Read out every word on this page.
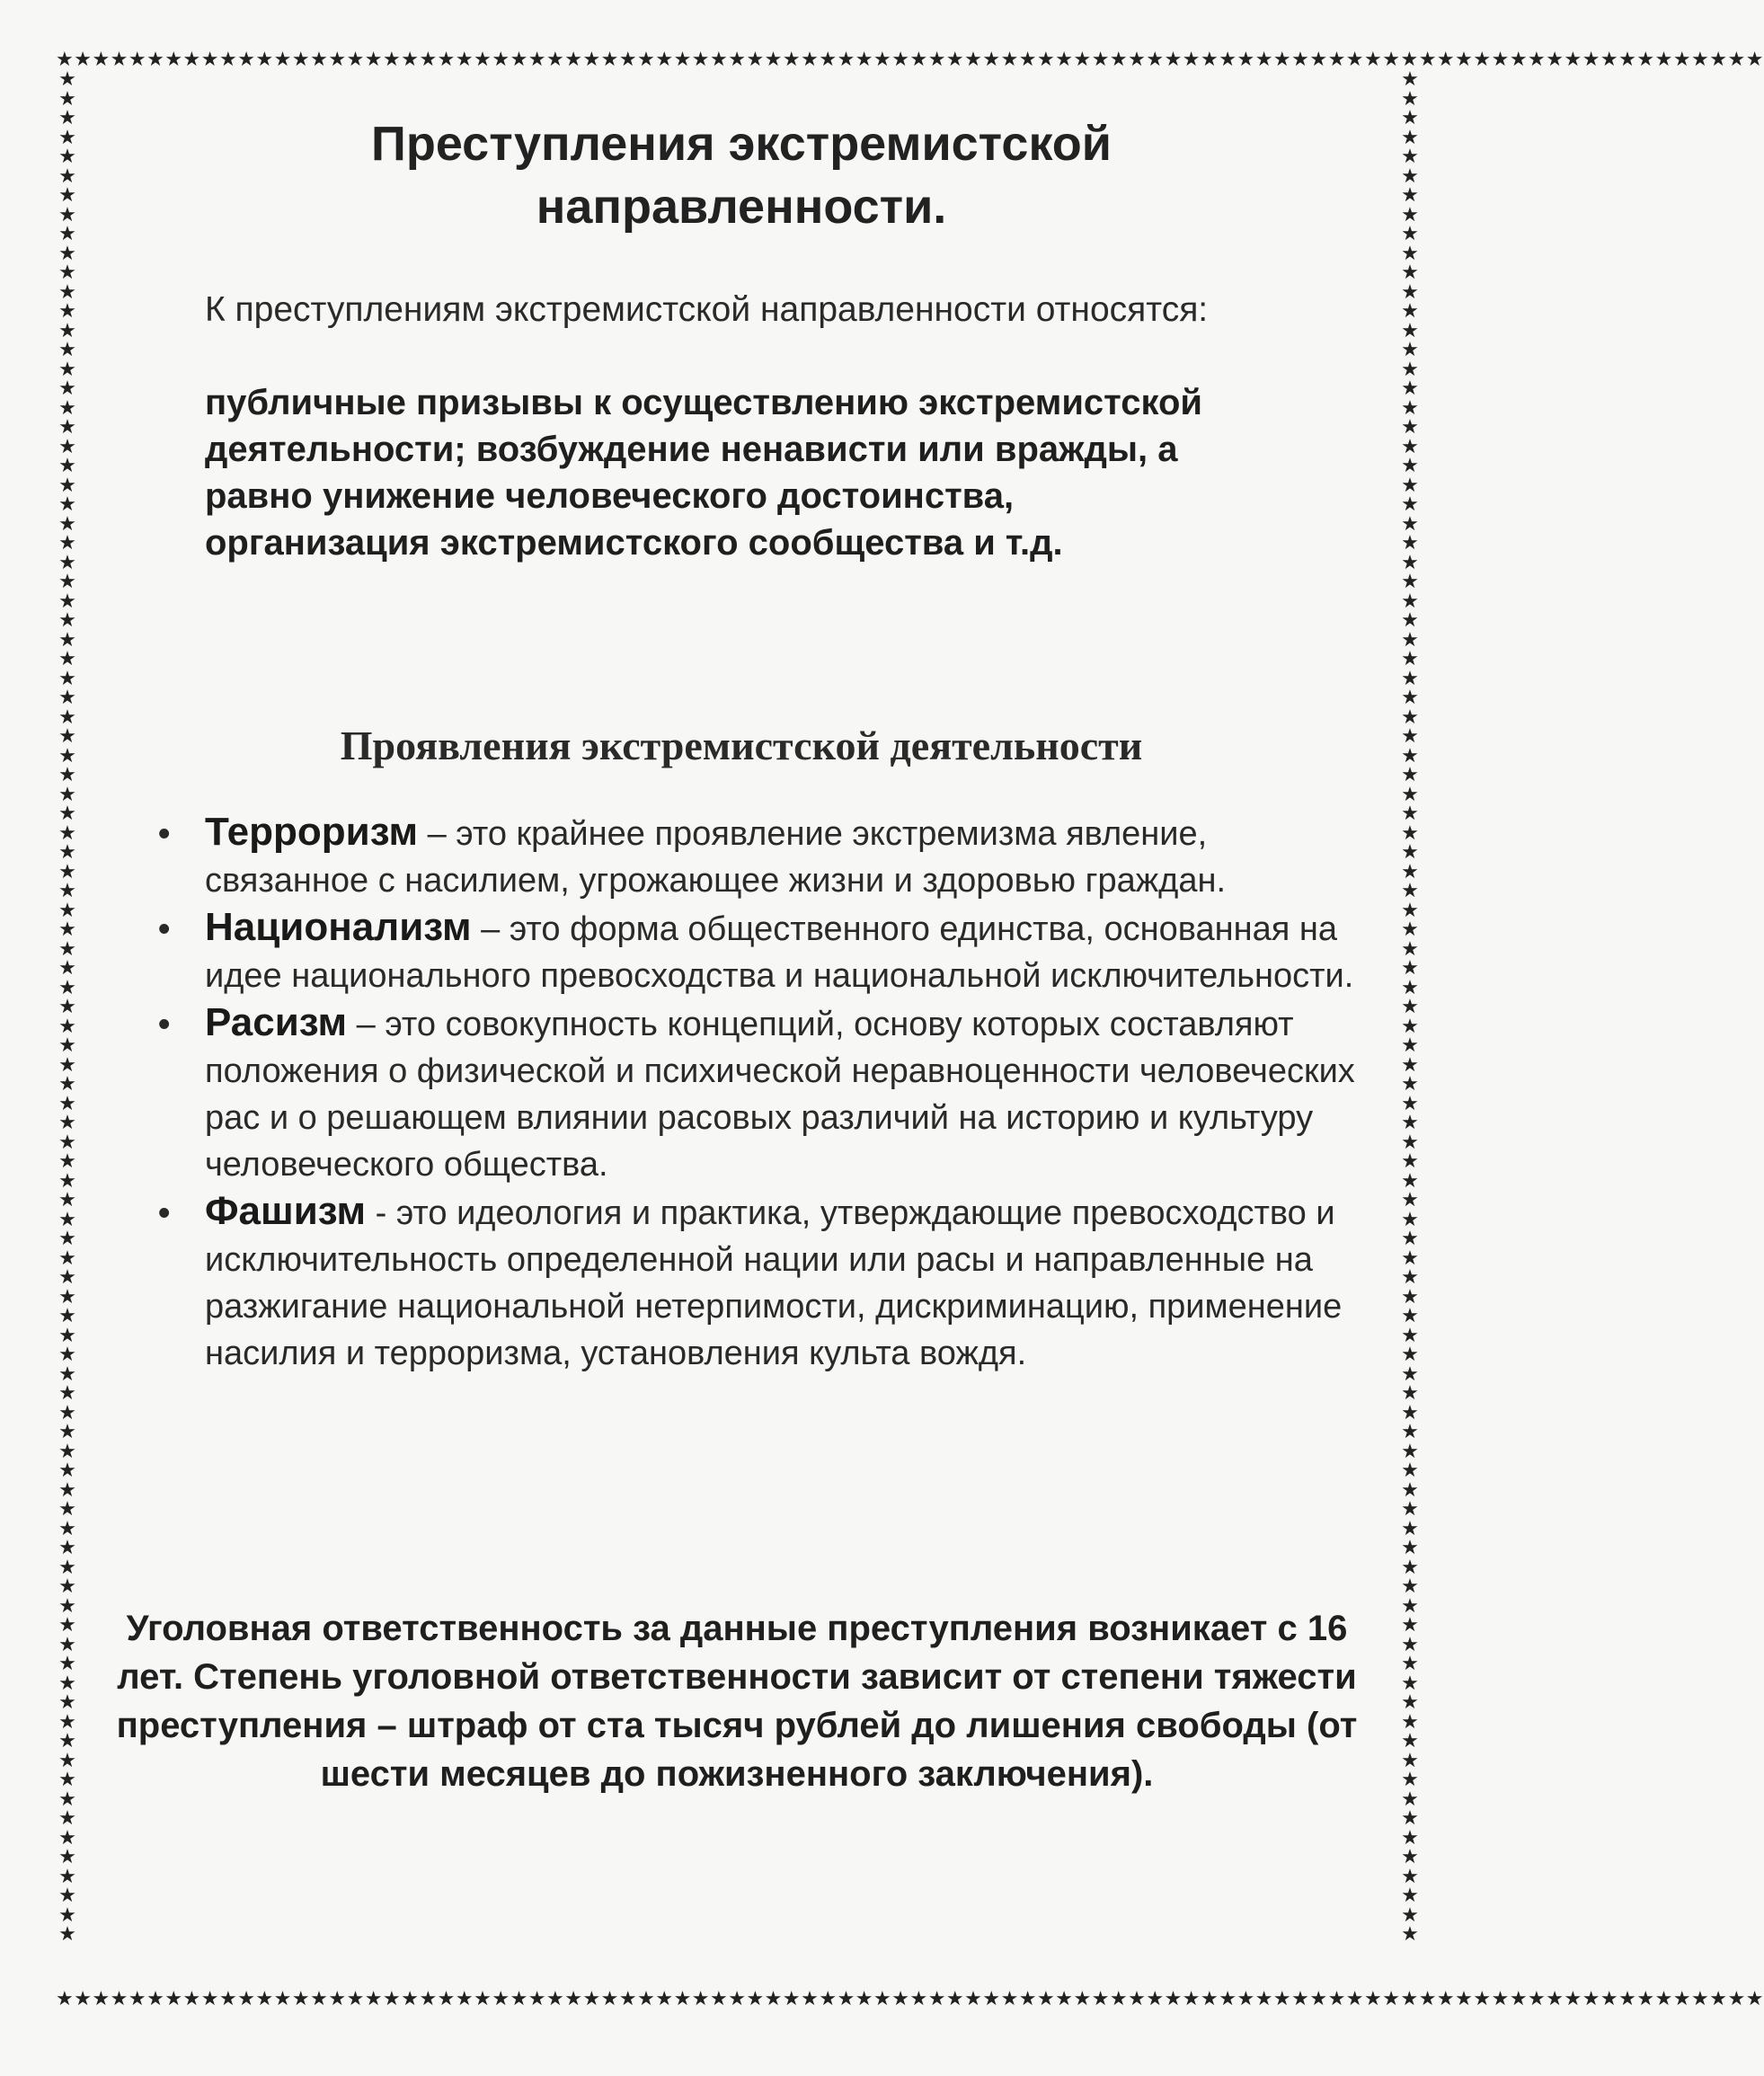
★★★★★★★★★★★★★★★★★★★★★★★★★★★★★★★★★★★★★★★★★★★★★★★★★★★★★★★★★★★★★★★★★★★★★★★★★★★★★★★★★★★★★★★★★★★★★★
★★★★★★★★★★★★★★★★★★★★★★★★★★★★★★★★★★★★★★★★★★★★★★★★★★★★★★★★★★★★★★★★★★★★★★★★★★★★★★★★★★★★★★★★★★★★★★
★★★★★★★★★★★★★★★★★★★★★★★★★★★★★★★★★★★★★★★★★★★★★★★★★★★★★★★★★★★★★★★★★★★★★★★★★★★★★★★★★★★★★★★★★★★★★★★★★
★★★★★★★★★★★★★★★★★★★★★★★★★★★★★★★★★★★★★★★★★★★★★★★★★★★★★★★★★★★★★★★★★★★★★★★★★★★★★★★★★★★★★★★★★★★★★★★★★
Преступления экстремистской
направленности.
К преступлениям экстремистской направленности относятся:
публичные призывы к осуществлению экстремистской деятельности; возбуждение ненависти или вражды, а равно унижение человеческого достоинства, организация экстремистского сообщества и т.д.
Проявления экстремистской деятельности
• Терроризм – это крайнее проявление экстремизма явление, связанное с насилием, угрожающее жизни и здоровью граждан.
• Национализм – это форма общественного единства, основанная на идее национального превосходства и национальной исключительности.
• Расизм – это совокупность концепций, основу которых составляют положения о физической и психической неравноценности человеческих рас и о решающем влиянии расовых различий на историю и культуру человеческого общества.
• Фашизм - это идеология и практика, утверждающие превосходство и исключительность определенной нации или расы и направленные на разжигание национальной нетерпимости, дискриминацию, применение насилия и терроризма, установления культа вождя.
Уголовная ответственность за данные преступления возникает с 16 лет. Степень уголовной ответственности зависит от степени тяжести преступления – штраф от ста тысяч рублей до лишения свободы (от шести месяцев до пожизненного заключения).
